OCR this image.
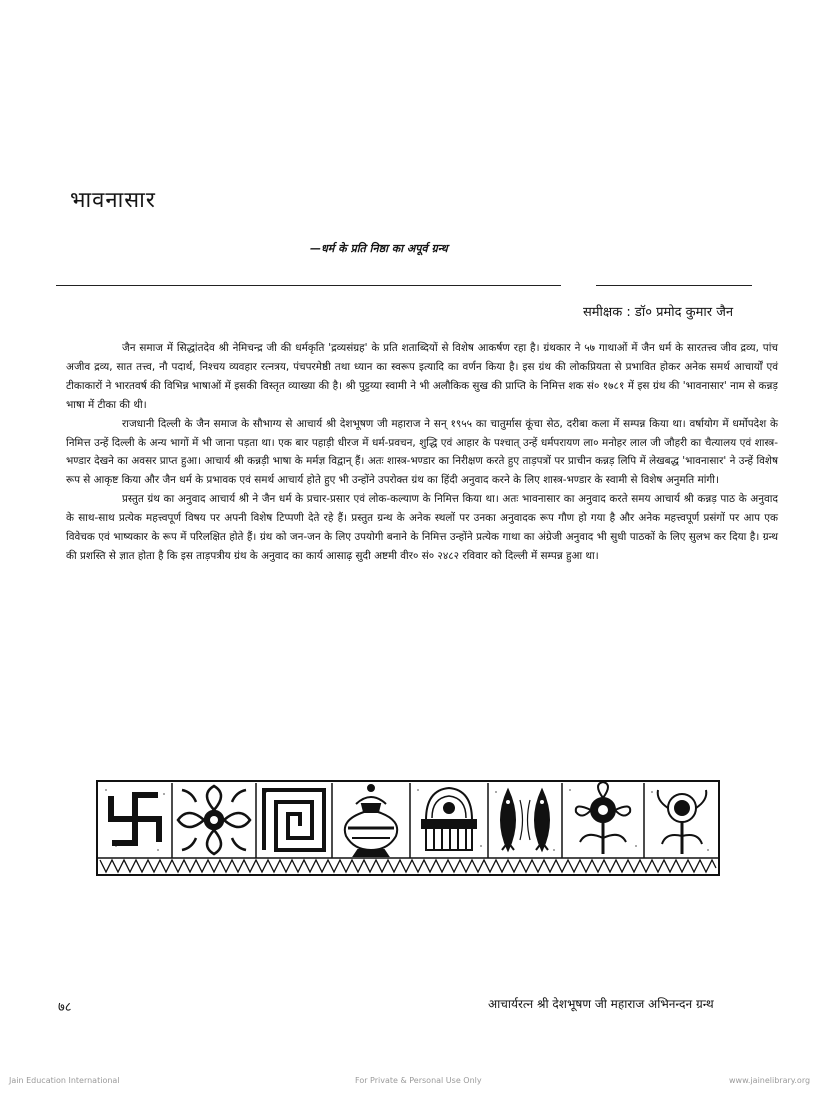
भावनासार
—धर्म के प्रति निष्ठा का अपूर्व ग्रन्थ
समीक्षक : डॉ० प्रमोद कुमार जैन

जैन समाज में सिद्धांतदेव श्री नेमिचन्द्र जी की धर्मकृति 'द्रव्यसंग्रह' के प्रति शताब्दियों से विशेष आकर्षण रहा है। ग्रंथकार ने ५७ गाथाओं में जैन धर्म के सारतत्त्व जीव द्रव्य, पांच अजीव द्रव्य, सात तत्त्व, नौ पदार्थ, निश्चय व्यवहार रत्नत्रय, पंचपरमेष्ठी तथा ध्यान का स्वरूप इत्यादि का वर्णन किया है। इस ग्रंथ की लोकप्रियता से प्रभावित होकर अनेक समर्थ आचार्यों एवं टीकाकारों ने भारतवर्ष की विभिन्न भाषाओं में इसकी विस्तृत व्याख्या की है। श्री पुट्टय्या स्वामी ने भी अलौकिक सुख की प्राप्ति के निमित्त शक सं० १७८१ में इस ग्रंथ की 'भावनासार' नाम से कन्नड़ भाषा में टीका की थी।

राजधानी दिल्ली के जैन समाज के सौभाग्य से आचार्य श्री देशभूषण जी महाराज ने सन् १९५५ का चातुर्मास कूंचा सेठ, दरीबा कला में सम्पन्न किया था। वर्षायोग में धर्मोपदेश के निमित्त उन्हें दिल्ली के अन्य भागों में भी जाना पड़ता था। एक बार पहाड़ी धीरज में धर्म-प्रवचन, शुद्धि एवं आहार के पश्चात् उन्हें धर्मपरायण ला० मनोहर लाल जी जौहरी का चैत्यालय एवं शास्त्र-भण्डार देखने का अवसर प्राप्त हुआ। आचार्य श्री कन्नड़ी भाषा के मर्मज्ञ विद्वान् हैं। अतः शास्त्र-भण्डार का निरीक्षण करते हुए ताड़पत्रों पर प्राचीन कन्नड़ लिपि में लेखबद्ध 'भावनासार' ने उन्हें विशेष रूप से आकृष्ट किया और जैन धर्म के प्रभावक एवं समर्थ आचार्य होते हुए भी उन्होंने उपरोक्त ग्रंथ का हिंदी अनुवाद करने के लिए शास्त्र-भण्डार के स्वामी से विशेष अनुमति मांगी।

प्रस्तुत ग्रंथ का अनुवाद आचार्य श्री ने जैन धर्म के प्रचार-प्रसार एवं लोक-कल्याण के निमित्त किया था। अतः भावनासार का अनुवाद करते समय आचार्य श्री कन्नड़ पाठ के अनुवाद के साथ-साथ प्रत्येक महत्त्वपूर्ण विषय पर अपनी विशेष टिप्पणी देते रहे हैं। प्रस्तुत ग्रन्थ के अनेक स्थलों पर उनका अनुवादक रूप गौण हो गया है और अनेक महत्त्वपूर्ण प्रसंगों पर आप एक विवेचक एवं भाष्यकार के रूप में परिलक्षित होते हैं। ग्रंथ को जन-जन के लिए उपयोगी बनाने के निमित्त उन्होंने प्रत्येक गाथा का अंग्रेजी अनुवाद भी सुधी पाठकों के लिए सुलभ कर दिया है। ग्रन्थ की प्रशस्ति से ज्ञात होता है कि इस ताड़पत्रीय ग्रंथ के अनुवाद का कार्य आसाढ़ सुदी अष्टमी वीर० सं० २४८२ रविवार को दिल्ली में सम्पन्न हुआ था।

७८	आचार्यरत्न श्री देशभूषण जी महाराज अभिनन्दन ग्रन्थ
Jain Education International	For Private & Personal Use Only	www.jainelibrary.org
